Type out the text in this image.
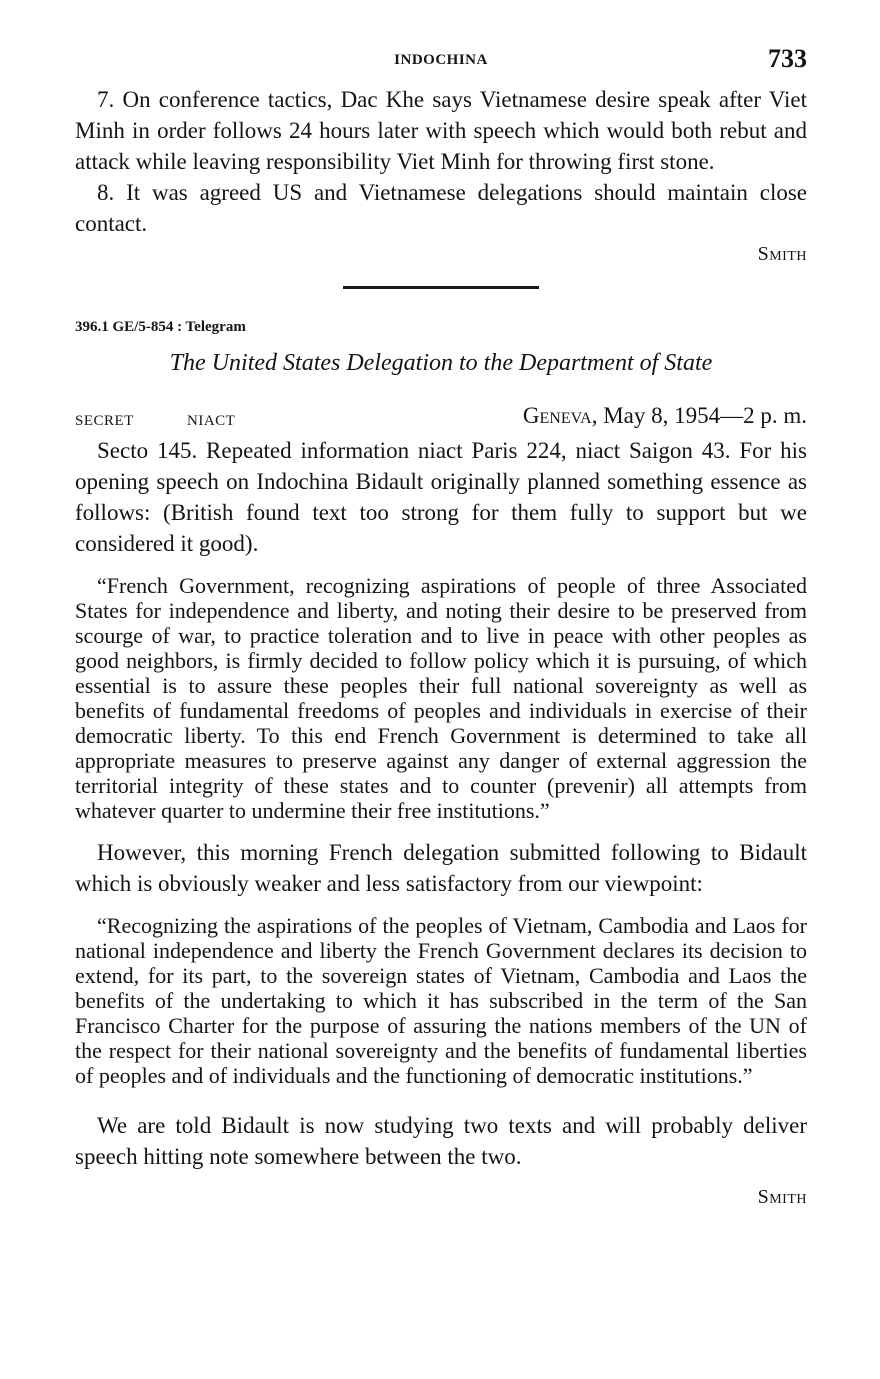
INDOCHINA	733

7. On conference tactics, Dac Khe says Vietnamese desire speak after Viet Minh in order follows 24 hours later with speech which would both rebut and attack while leaving responsibility Viet Minh for throwing first stone.

8. It was agreed US and Vietnamese delegations should maintain close contact.

Smith

396.1 GE/5-854 : Telegram

The United States Delegation to the Department of State

SECRET	NIACT	Geneva, May 8, 1954—2 p. m.

Secto 145. Repeated information niact Paris 224, niact Saigon 43. For his opening speech on Indochina Bidault originally planned something essence as follows: (British found text too strong for them fully to support but we considered it good).

“French Government, recognizing aspirations of people of three Associated States for independence and liberty, and noting their desire to be preserved from scourge of war, to practice toleration and to live in peace with other peoples as good neighbors, is firmly decided to follow policy which it is pursuing, of which essential is to assure these peoples their full national sovereignty as well as benefits of fundamental freedoms of peoples and individuals in exercise of their democratic liberty. To this end French Government is determined to take all appropriate measures to preserve against any danger of external aggression the territorial integrity of these states and to counter (prevenir) all attempts from whatever quarter to undermine their free institutions.”

However, this morning French delegation submitted following to Bidault which is obviously weaker and less satisfactory from our viewpoint:

“Recognizing the aspirations of the peoples of Vietnam, Cambodia and Laos for national independence and liberty the French Government declares its decision to extend, for its part, to the sovereign states of Vietnam, Cambodia and Laos the benefits of the undertaking to which it has subscribed in the term of the San Francisco Charter for the purpose of assuring the nations members of the UN of the respect for their national sovereignty and the benefits of fundamental liberties of peoples and of individuals and the functioning of democratic institutions.”

We are told Bidault is now studying two texts and will probably deliver speech hitting note somewhere between the two.

Smith
